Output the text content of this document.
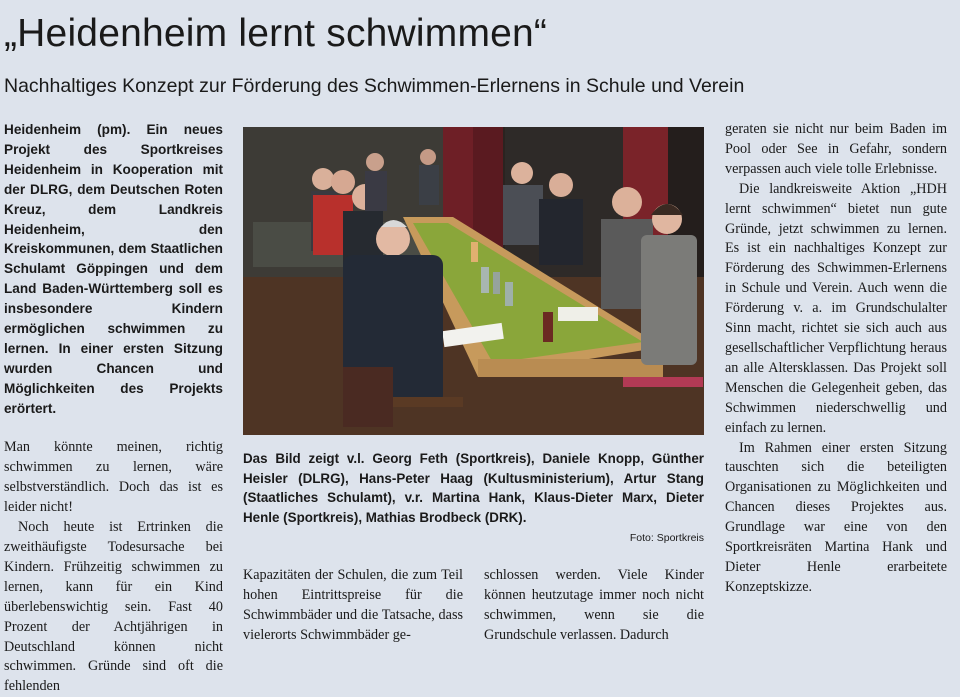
„Heidenheim lernt schwimmen“
Nachhaltiges Konzept zur Förderung des Schwimmen-Erlernens in Schule und Verein

Heidenheim (pm). Ein neues Projekt des Sportkreises Heidenheim in Kooperation mit der DLRG, dem Deutschen Roten Kreuz, dem Landkreis Heidenheim, den Kreiskommunen, dem Staatlichen Schulamt Göppingen und dem Land Baden-Württemberg soll es insbesondere Kindern ermöglichen schwimmen zu lernen. In einer ersten Sitzung wurden Chancen und Möglichkeiten des Projekts erörtert.

Man könnte meinen, richtig schwimmen zu lernen, wäre selbstverständlich. Doch das ist es leider nicht!

Noch heute ist Ertrinken die zweithäufigste Todesursache bei Kindern. Frühzeitig schwimmen zu lernen, kann für ein Kind überlebenswichtig sein. Fast 40 Prozent der Achtjährigen in Deutschland können nicht schwimmen. Gründe sind oft die fehlenden

Das Bild zeigt v.l. Georg Feth (Sportkreis), Daniele Knopp, Günther Heisler (DLRG), Hans-Peter Haag (Kultusministerium), Artur Stang (Staatliches Schulamt), v.r. Martina Hank, Klaus-Dieter Marx, Dieter Henle (Sportkreis), Mathias Brodbeck (DRK).

Foto: Sportkreis

Kapazitäten der Schulen, die zum Teil hohen Eintrittspreise für die Schwimmbäder und die Tatsache, dass vielerorts Schwimmbäder ge-

schlossen werden. Viele Kinder können heutzutage immer noch nicht schwimmen, wenn sie die Grundschule verlassen. Dadurch

geraten sie nicht nur beim Baden im Pool oder See in Gefahr, sondern verpassen auch viele tolle Erlebnisse.

Die landkreisweite Aktion „HDH lernt schwimmen“ bietet nun gute Gründe, jetzt schwimmen zu lernen. Es ist ein nachhaltiges Konzept zur Förderung des Schwimmen-Erlernens in Schule und Verein. Auch wenn die Förderung v. a. im Grundschulalter Sinn macht, richtet sie sich auch aus gesellschaftlicher Verpflichtung heraus an alle Altersklassen. Das Projekt soll Menschen die Gelegenheit geben, das Schwimmen niederschwellig und einfach zu lernen.

Im Rahmen einer ersten Sitzung tauschten sich die beteiligten Organisationen zu Möglichkeiten und Chancen dieses Projektes aus. Grundlage war eine von den Sportkreisräten Martina Hank und Dieter Henle erarbeitete Konzeptskizze.
